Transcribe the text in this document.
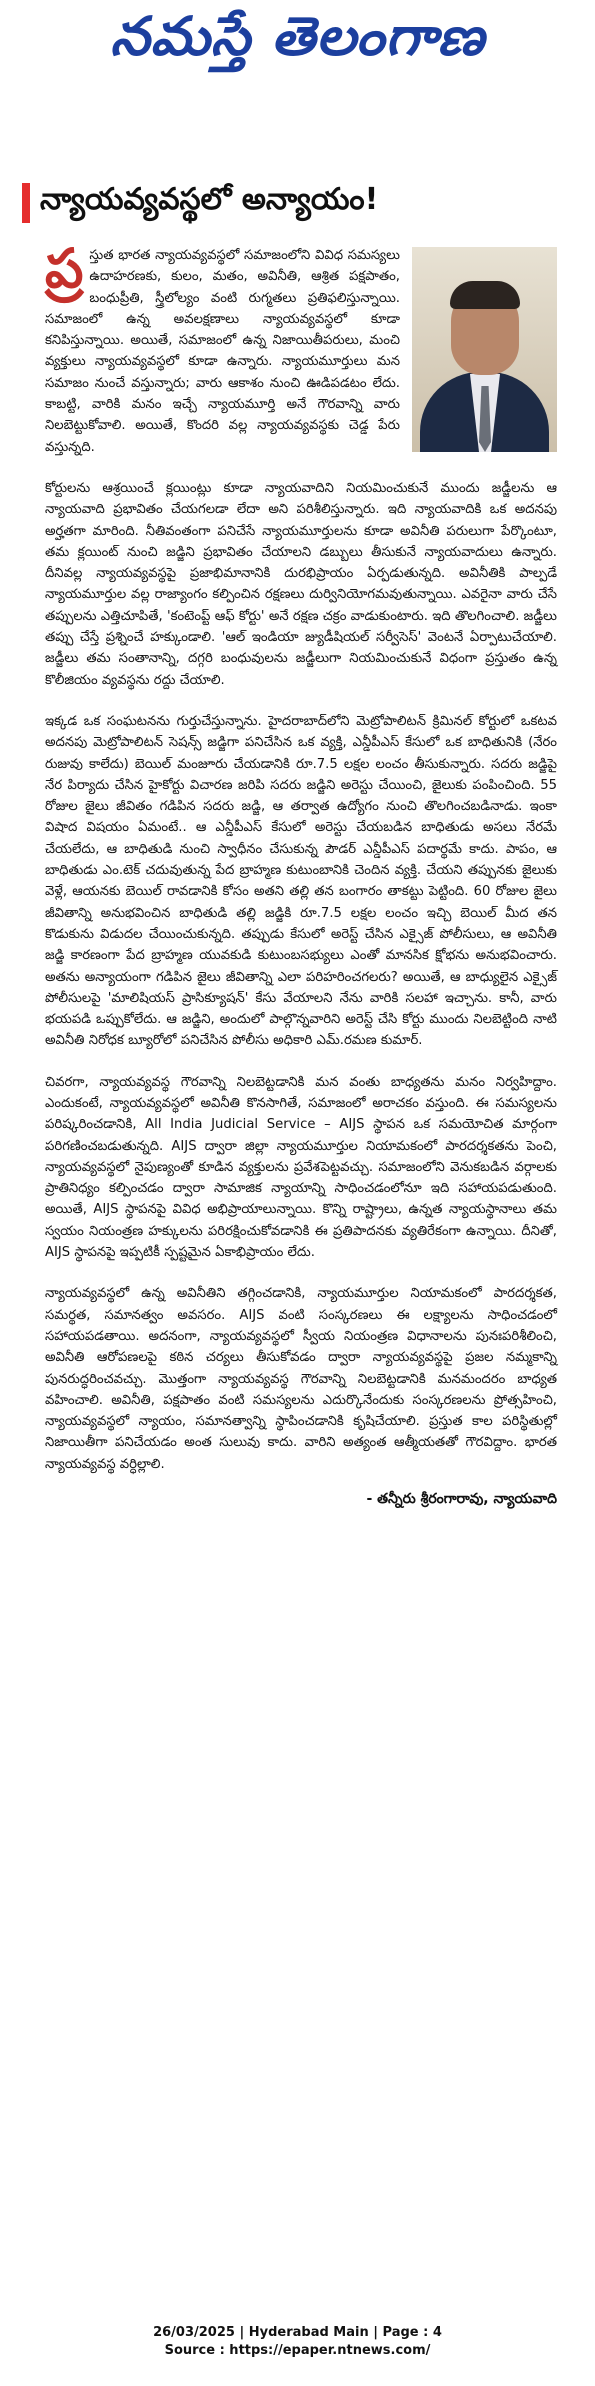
నమస్తే తెలంగాణ
న్యాయవ్యవస్థలో అన్యాయం!

ప్ర స్తుత భారత న్యాయవ్యవస్థలో సమాజంలోని వివిధ సమస్యలు ఉదాహరణకు, కులం, మతం, అవినీతి, ఆశ్రిత పక్షపాతం, బంధుప్రీతి, స్త్రీలోల్యం వంటి రుగ్మతలు ప్రతిఫలిస్తున్నాయి. సమాజంలో ఉన్న అవలక్షణాలు న్యాయవ్యవస్థలో కూడా కనిపిస్తున్నాయి. అయితే, సమాజంలో ఉన్న నిజాయితీపరులు, మంచి వ్యక్తులు న్యాయవ్యవస్థలో కూడా ఉన్నారు. న్యాయమూర్తులు మన సమాజం నుంచే వస్తున్నారు; వారు ఆకాశం నుంచి ఊడిపడటం లేదు. కాబట్టి, వారికి మనం ఇచ్చే న్యాయమూర్తి అనే గౌరవాన్ని వారు నిలబెట్టుకోవాలి. అయితే, కొందరి వల్ల న్యాయవ్యవస్థకు చెడ్డ పేరు వస్తున్నది.

కోర్టులను ఆశ్రయించే క్లయింట్లు కూడా న్యాయవాదిని నియమించుకునే ముందు జడ్జీలను ఆ న్యాయవాది ప్రభావితం చేయగలడా లేదా అని పరిశీలిస్తున్నారు. ఇది న్యాయవాదికి ఒక అదనపు అర్హతగా మారింది. నీతివంతంగా పనిచేసే న్యాయమూర్తులను కూడా అవినీతి పరులుగా పేర్కొంటూ, తమ క్లయింట్ నుంచి జడ్జిని ప్రభావితం చేయాలని డబ్బులు తీసుకునే న్యాయవాదులు ఉన్నారు. దీనివల్ల న్యాయవ్యవస్థపై ప్రజాభిమానానికి దురభిప్రాయం ఏర్పడుతున్నది. అవినీతికి పాల్పడే న్యాయమూర్తుల వల్ల రాజ్యాంగం కల్పించిన రక్షణలు దుర్వినియోగమవుతున్నాయి. ఎవరైనా వారు చేసే తప్పులను ఎత్తిచూపితే, 'కంటెంప్ట్ ఆఫ్ కోర్టు' అనే రక్షణ చక్రం వాడుకుంటారు. ఇది తొలగించాలి. జడ్జీలు తప్పు చేస్తే ప్రశ్నించే హక్కుండాలి. 'ఆల్ ఇండియా జ్యుడీషియల్ సర్వీసెస్' వెంటనే ఏర్పాటుచేయాలి. జడ్జీలు తమ సంతానాన్ని, దగ్గరి బంధువులను జడ్జీలుగా నియమించుకునే విధంగా ప్రస్తుతం ఉన్న కొలీజియం వ్యవస్థను రద్దు చేయాలి.

ఇక్కడ ఒక సంఘటనను గుర్తుచేస్తున్నాను. హైదరాబాద్‌లోని మెట్రోపాలిటన్ క్రిమినల్ కోర్టులో ఒకటవ అదనపు మెట్రోపాలిటన్ సెషన్స్ జడ్జిగా పనిచేసిన ఒక వ్యక్తి, ఎన్డీపీఎస్ కేసులో ఒక బాధితునికి (నేరం రుజువు కాలేదు) బెయిల్ మంజూరు చేయడానికి రూ.7.5 లక్షల లంచం తీసుకున్నారు. సదరు జడ్జిపై నేర పిర్యాదు చేసిన హైకోర్టు విచారణ జరిపి సదరు జడ్జిని అరెస్టు చేయించి, జైలుకు పంపించింది. 55 రోజుల జైలు జీవితం గడిపిన సదరు జడ్జి, ఆ తర్వాత ఉద్యోగం నుంచి తొలగించబడినాడు. ఇంకా విషాద విషయం ఏమంటే.. ఆ ఎన్డీపీఎస్ కేసులో అరెస్టు చేయబడిన బాధితుడు అసలు నేరమే చేయలేదు, ఆ బాధితుడి నుంచి స్వాధీనం చేసుకున్న పౌడర్ ఎన్డీపీఎస్ పదార్థమే కాదు. పాపం, ఆ బాధితుడు ఎం.టెక్ చదువుతున్న పేద బ్రాహ్మణ కుటుంబానికి చెందిన వ్యక్తి. చేయని తప్పునకు జైలుకు వెళ్లే, ఆయనకు బెయిల్ రావడానికి కోసం అతని తల్లి తన బంగారం తాకట్టు పెట్టింది. 60 రోజుల జైలు జీవితాన్ని అనుభవించిన బాధితుడి తల్లి జడ్జికి రూ.7.5 లక్షల లంచం ఇచ్చి బెయిల్ మీద తన కొడుకును విడుదల చేయించుకున్నది. తప్పుడు కేసులో అరెస్ట్ చేసిన ఎక్సైజ్ పోలీసులు, ఆ అవినీతి జడ్జి కారణంగా పేద బ్రాహ్మణ యువకుడి కుటుంబసభ్యులు ఎంతో మానసిక క్షోభను అనుభవించారు. అతను అన్యాయంగా గడిపిన జైలు జీవితాన్ని ఎలా పరిహరించగలరు? అయితే, ఆ బాధ్యులైన ఎక్సైజ్ పోలీసులపై 'మాలిషియస్ ప్రాసిక్యూషన్' కేసు వేయాలని నేను వారికి సలహా ఇచ్చాను. కానీ, వారు భయపడి ఒప్పుకోలేదు. ఆ జడ్జిని, అందులో పాల్గొన్నవారిని అరెస్ట్ చేసి కోర్టు ముందు నిలబెట్టింది నాటి అవినీతి నిరోధక బ్యూరోలో పనిచేసిన పోలీసు అధికారి ఎమ్.రమణ కుమార్.

చివరగా, న్యాయవ్యవస్థ గౌరవాన్ని నిలబెట్టడానికి మన వంతు బాధ్యతను మనం నిర్వహిద్దాం. ఎందుకంటే, న్యాయవ్యవస్థలో అవినీతి కొనసాగితే, సమాజంలో అరాచకం వస్తుంది. ఈ సమస్యలను పరిష్కరించడానికి, All India Judicial Service – AIJS స్థాపన ఒక సమయోచిత మార్గంగా పరిగణించబడుతున్నది. AIJS ద్వారా జిల్లా న్యాయమూర్తుల నియామకంలో పారదర్శకతను పెంచి, న్యాయవ్యవస్థలో నైపుణ్యంతో కూడిన వ్యక్తులను ప్రవేశపెట్టవచ్చు. సమాజంలోని వెనుకబడిన వర్గాలకు ప్రాతినిధ్యం కల్పించడం ద్వారా సామాజిక న్యాయాన్ని సాధించడంలోనూ ఇది సహాయపడుతుంది. అయితే, AIJS స్థాపనపై వివిధ అభిప్రాయాలున్నాయి. కొన్ని రాష్ట్రాలు, ఉన్నత న్యాయస్థానాలు తమ స్వయం నియంత్రణ హక్కులను పరిరక్షించుకోవడానికి ఈ ప్రతిపాదనకు వ్యతిరేకంగా ఉన్నాయి. దీనితో, AIJS స్థాపనపై ఇప్పటికీ స్పష్టమైన ఏకాభిప్రాయం లేదు.

న్యాయవ్యవస్థలో ఉన్న అవినీతిని తగ్గించడానికి, న్యాయమూర్తుల నియామకంలో పారదర్శకత, సమర్థత, సమానత్వం అవసరం. AIJS వంటి సంస్కరణలు ఈ లక్ష్యాలను సాధించడంలో సహాయపడతాయి. అదనంగా, న్యాయవ్యవస్థలో స్వీయ నియంత్రణ విధానాలను పునఃపరిశీలించి, అవినీతి ఆరోపణలపై కఠిన చర్యలు తీసుకోవడం ద్వారా న్యాయవ్యవస్థపై ప్రజల నమ్మకాన్ని పునరుద్ధరించవచ్చు. మొత్తంగా న్యాయవ్యవస్థ గౌరవాన్ని నిలబెట్టడానికి మనమందరం బాధ్యత వహించాలి. అవినీతి, పక్షపాతం వంటి సమస్యలను ఎదుర్కొనేందుకు సంస్కరణలను ప్రోత్సహించి, న్యాయవ్యవస్థలో న్యాయం, సమానత్వాన్ని స్థాపించడానికి కృషిచేయాలి. ప్రస్తుత కాల పరిస్థితుల్లో నిజాయితీగా పనిచేయడం అంత సులువు కాదు. వారిని అత్యంత ఆత్మీయతతో గౌరవిద్దాం. భారత న్యాయవ్యవస్థ వర్ధిల్లాలి.

- తన్నీరు శ్రీరంగారావు, న్యాయవాది
26/03/2025 | Hyderabad Main | Page : 4
Source : https://epaper.ntnews.com/
